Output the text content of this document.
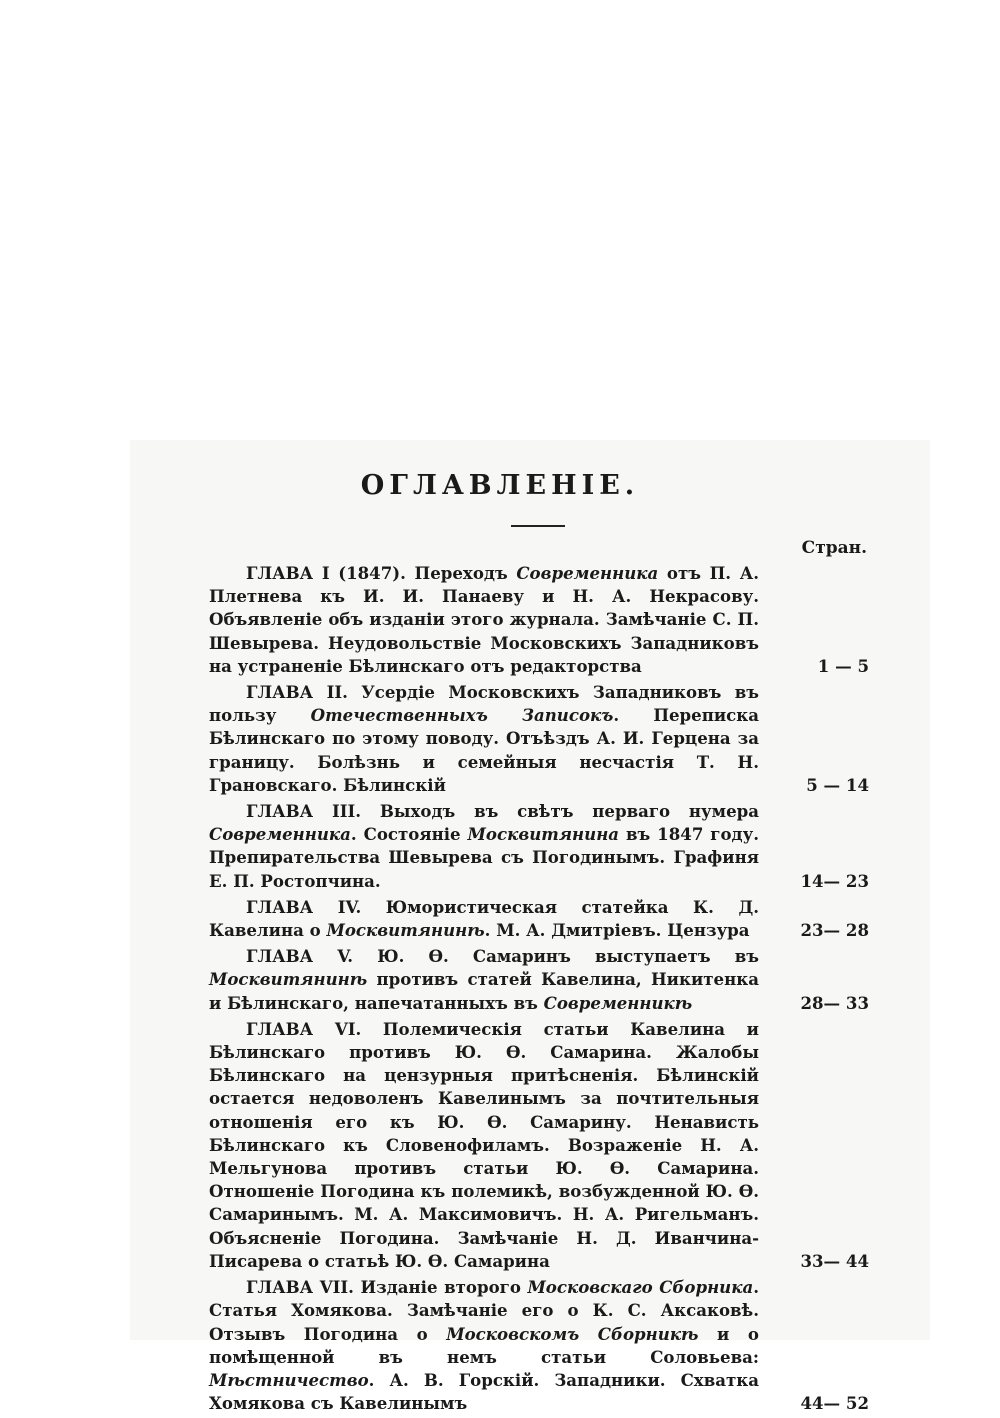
ОГЛАВЛЕНІЕ.
Стран.

ГЛАВА I (1847). Переходъ Современника отъ П. А. Плетнева къ И. И. Панаеву и Н. А. Некрасову. Объявленіе объ изданіи этого журнала. Замѣчаніе С. П. Шевырева. Неудовольствіе Московскихъ Западниковъ на устраненіе Бѣлинскаго отъ редакторства	1 — 5

ГЛАВА II. Усердіе Московскихъ Западниковъ въ пользу Отечественныхъ Записокъ. Переписка Бѣлинскаго по этому поводу. Отъѣздъ А. И. Герцена за границу. Болѣзнь и семейныя несчастія Т. Н. Грановскаго. Бѣлинскій	5 — 14

ГЛАВА III. Выходъ въ свѣтъ перваго нумера Современника. Состояніе Москвитянина въ 1847 году. Препирательства Шевырева съ Погодинымъ. Графиня Е. П. Ростопчина.	14— 23

ГЛАВА IV. Юмористическая статейка К. Д. Кавелина о Москвитянинѣ. М. А. Дмитріевъ. Цензура	23— 28

ГЛАВА V. Ю. Ѳ. Самаринъ выступаетъ въ Москвитянинѣ противъ статей Кавелина, Никитенка и Бѣлинскаго, напечатанныхъ въ Современникѣ	28— 33

ГЛАВА VI. Полемическія статьи Кавелина и Бѣлинскаго противъ Ю. Ѳ. Самарина. Жалобы Бѣлинскаго на цензурныя притѣсненія. Бѣлинскій остается недоволенъ Кавелинымъ за почтительныя отношенія его къ Ю. Ѳ. Самарину. Ненависть Бѣлинскаго къ Словенофиламъ. Возраженіе Н. А. Мельгунова противъ статьи Ю. Ѳ. Самарина. Отношеніе Погодина къ полемикѣ, возбужденной Ю. Ѳ. Самаринымъ. М. А. Максимовичъ. Н. А. Ригельманъ. Объясненіе Погодина. Замѣчаніе Н. Д. Иванчина-Писарева о статьѣ Ю. Ѳ. Самарина	33— 44

ГЛАВА VII. Изданіе второго Московскаго Сборника. Статья Хомякова. Замѣчаніе его о К. С. Аксаковѣ. Отзывъ Погодина о Московскомъ Сборникѣ и о помѣщенной въ немъ статьи Соловьева: Мѣстничество. А. В. Горскій. Западники. Схватка Хомякова съ Кавелинымъ	44— 52
